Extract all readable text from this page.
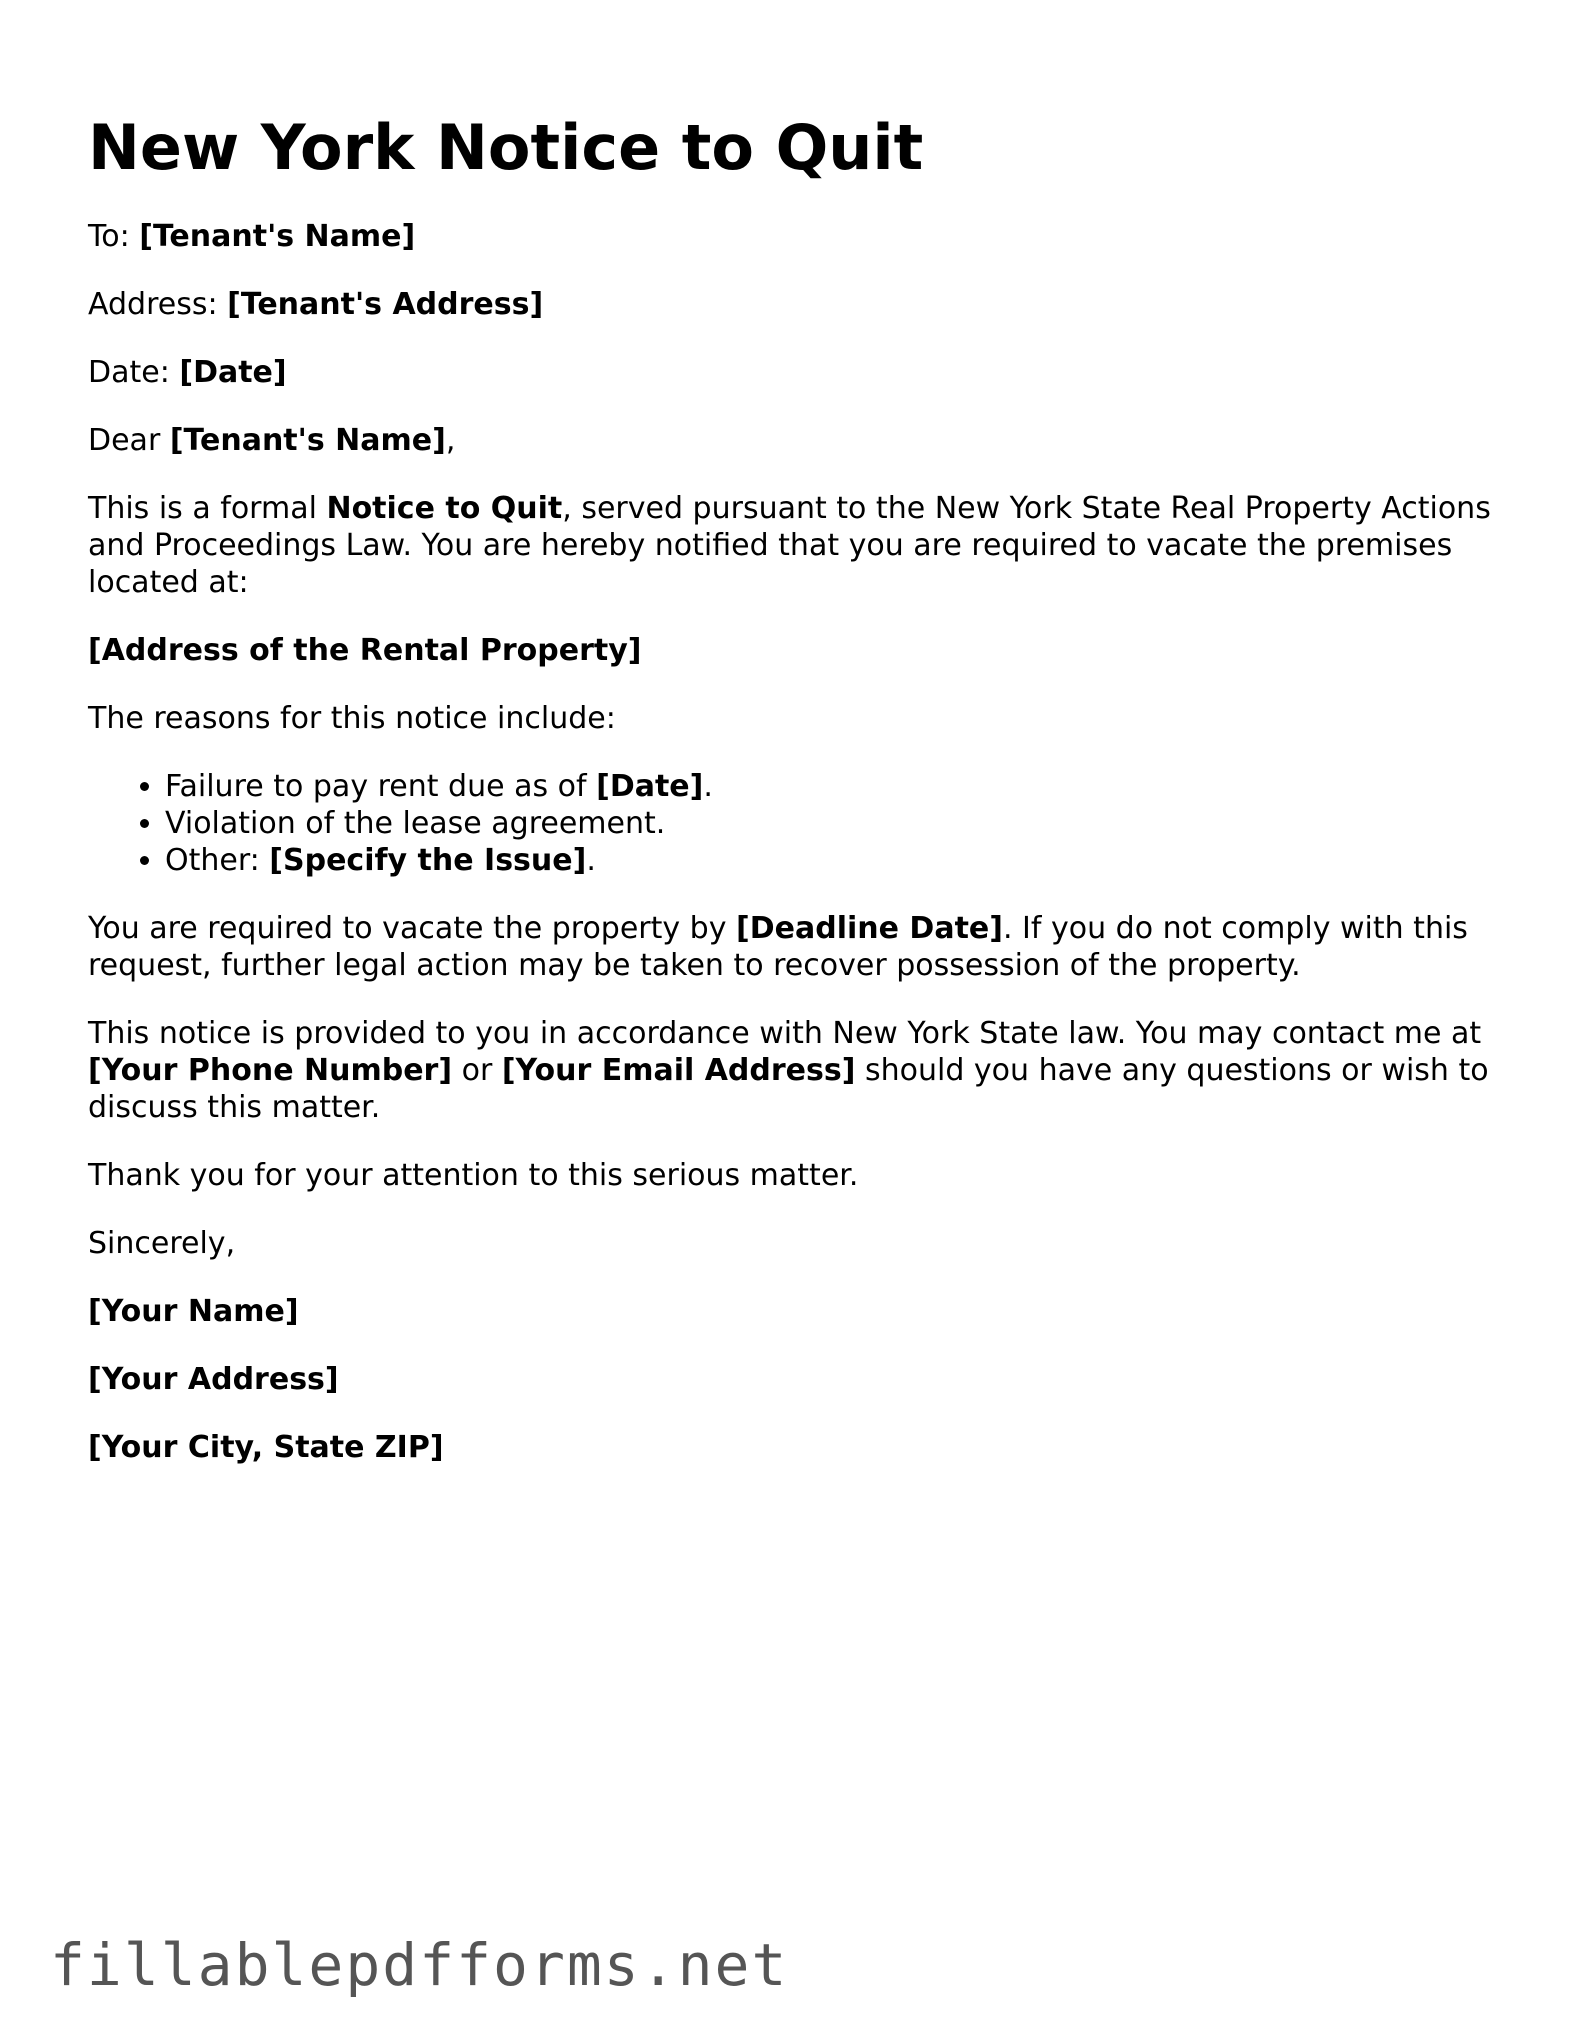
New York Notice to Quit

To: [Tenant's Name]

Address: [Tenant's Address]

Date: [Date]

Dear [Tenant's Name],

This is a formal Notice to Quit, served pursuant to the New York State Real Property Actions and Proceedings Law. You are hereby notified that you are required to vacate the premises located at:

[Address of the Rental Property]

The reasons for this notice include:

• Failure to pay rent due as of [Date].
• Violation of the lease agreement.
• Other: [Specify the Issue].

You are required to vacate the property by [Deadline Date]. If you do not comply with this request, further legal action may be taken to recover possession of the property.

This notice is provided to you in accordance with New York State law. You may contact me at [Your Phone Number] or [Your Email Address] should you have any questions or wish to discuss this matter.

Thank you for your attention to this serious matter.

Sincerely,

[Your Name]

[Your Address]

[Your City, State ZIP]

fillablepdfforms.net
